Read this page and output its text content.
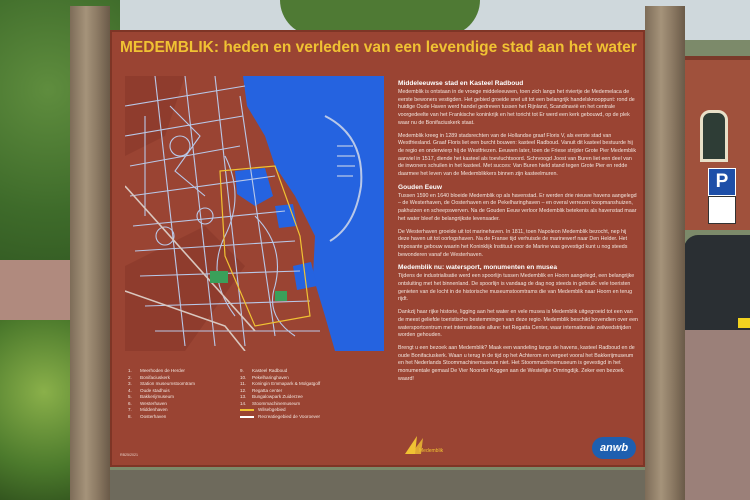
P
MEDEMBLIK: heden en verleden van een levendige stad aan het water
Middeleeuwse stad en Kasteel Radboud

Medemblik is ontstaan in de vroege middeleeuwen, toen zich langs het riviertje de Medemelaca de eerste bewoners vestigden. Het gebied groeide snel uit tot een belangrijk handelsknooppunt: rond de huidige Oude Haven werd handel gedreven tussen het Rijnland, Scandinavië en het centrale voorgedeelte van het Frankische koninkrijk en het toricht tot Er werd een kerk gebouwd, op de plek waar nu de Bonifaciuskerk staat.

Medemblik kreeg in 1289 stadsrechten van de Hollandse graaf Floris V, als eerste stad van Westfriesland. Graaf Floris liet een burcht bouwen: kasteel Radboud. Vanuit dit kasteel bestuurde hij de regio en onderwierp hij de Westfriezen. Eeuwen later, toen de Friese strijder Grote Pier Medemblik aanviel in 1517, diende het kasteel als toevluchtsoord. Schrvoogd Joost van Buren liet een deel van de inwoners schuilen in het kasteel. Met succes: Van Buren hield stand tegen Grote Pier en redde daarmee het leven van de Medemblikkers binnen zijn kasteelmuren.

Gouden Eeuw

Tussen 1590 en 1640 bloeide Medemblik op als havenstad. Er werden drie nieuwe havens aangelegd – de Westerhaven, de Oosterhaven en de Pekelharinghaven – en overal verrezen koopmanshuizen, pakhuizen en scheepswerven. Na de Gouden Eeuw verloor Medemblik betekenis als havenstad maar het water bleef de belangrijkste levensader.

De Westerhaven groeide uit tot marinehaven. In 1811, toen Napoleon Medemblik bezocht, nep hij deze haven uit tot oorlogshaven. Na de Franse tijd verhuisde de marinewerf naar Den Helder. Het imposante gebouw waarin het Koninklijk Instituut voor de Marine was gevestigd kunt u nog steeds bewonderen vanaf de Westerhaven.

Medemblik nu: watersport, monumenten en musea

Tijdens de industrialisatie werd een spoorlijn tussen Medemblik en Hoorn aangelegd, een belangrijke ontsluiting met het binnenland. De spoorlijn is vandaag de dag nog steeds in gebruik: vele toeristen genieten van de locht in de historische museumstoomtrams die van Medemblik naar Hoorn en terug rijdt.

Dankzij haar rijke historie, ligging aan het water en vele musea is Medemblik uitgegroeid tot een van de meest geliefde toeristische bestemmingen van deze regio. Medemblik beschikt bovendien over een watersportcentrum met internationale allure: het Regatta Center, waar internationale zeilwedstrijden worden gehouden.

Brengt u een bezoek aan Medemblik? Maak een wandeling langs de havens, kasteel Radboud en de oude Bonifaciuskerk. Waan u terug in de tijd op het Achterom en vergeet vooral het Bakkerijmuseum en het Nederlands Stoommachinemuseum niet. Het Stoommachinemuseum is gevestigd in het monumentale gemaal De Vier Noorder Koggen aan de Westelijke Omringdijk. Zeker een bezoek waard!

1. Meerhoden de Herder
2. Bonifaciuskerk
3. Station museumstoomtram
4. Oude stadhuis
5. Bakkerijmuseum
6. Westerhaven
7. Middenhaven
8. Oosterhaven
9. Kasteel Radboud
10. Pekelharinghaven
11. Koningin Emmapark & Molgatgolf
12. Regatta center
13. Bungalowpark Zuiderzee
14. Stoommachinemuseum
Wilsebgebied
Recreatiegebied de Vooroever
RB25/2021
Medemblik	anwb
